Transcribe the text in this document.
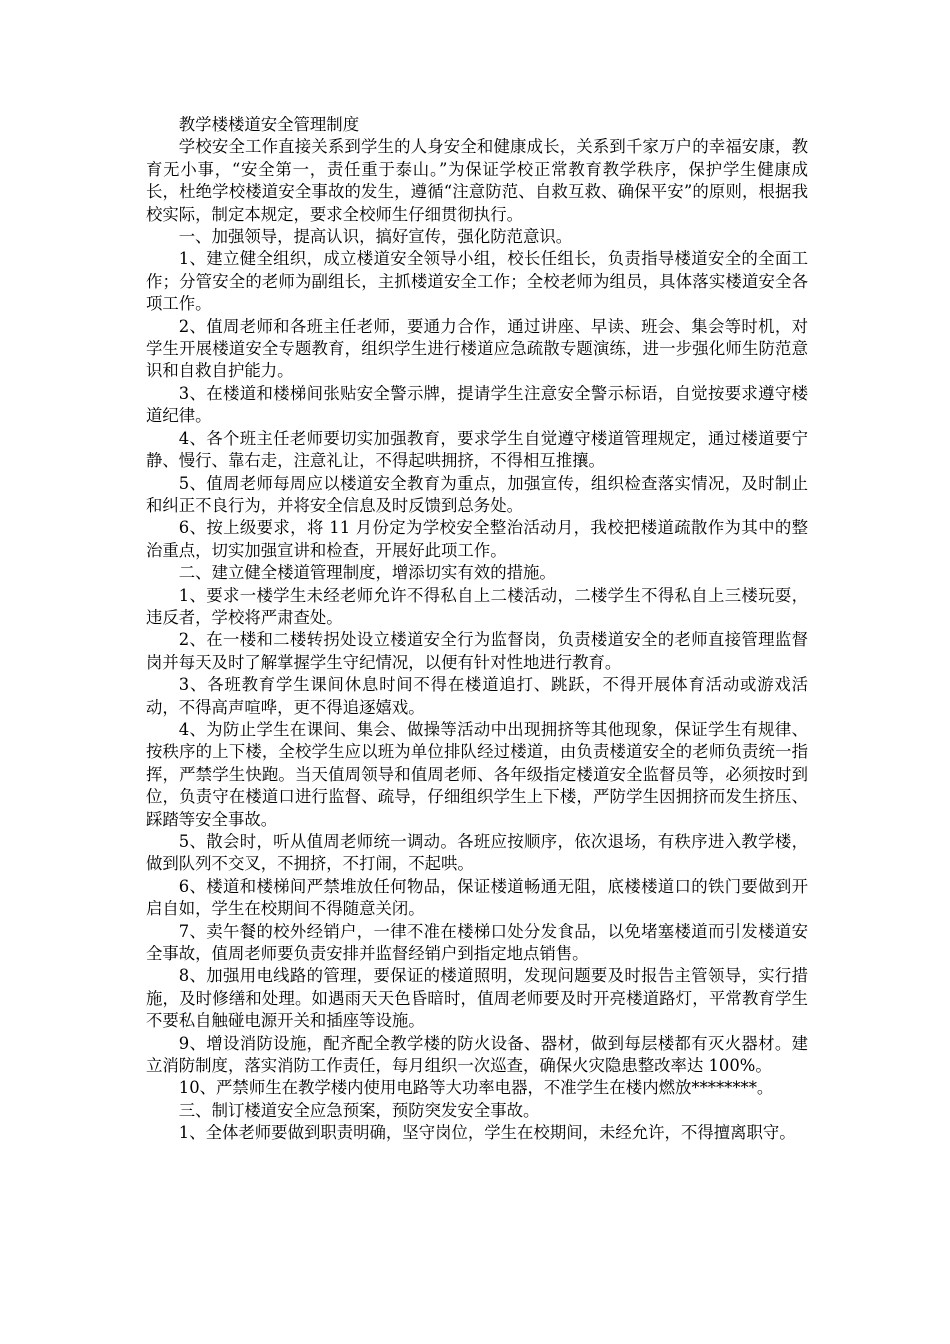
教学楼楼道安全管理制度

学校安全工作直接关系到学生的人身安全和健康成长，关系到千家万户的幸福安康，教育无小事，“安全第一，责任重于泰山。”为保证学校正常教育教学秩序，保护学生健康成长，杜绝学校楼道安全事故的发生，遵循“注意防范、自救互救、确保平安”的原则，根据我校实际，制定本规定，要求全校师生仔细贯彻执行。

一、加强领导，提高认识，搞好宣传，强化防范意识。

1、建立健全组织，成立楼道安全领导小组，校长任组长，负责指导楼道安全的全面工作；分管安全的老师为副组长，主抓楼道安全工作；全校老师为组员，具体落实楼道安全各项工作。

2、值周老师和各班主任老师，要通力合作，通过讲座、早读、班会、集会等时机，对学生开展楼道安全专题教育，组织学生进行楼道应急疏散专题演练，进一步强化师生防范意识和自救自护能力。

3、在楼道和楼梯间张贴安全警示牌，提请学生注意安全警示标语，自觉按要求遵守楼道纪律。

4、各个班主任老师要切实加强教育，要求学生自觉遵守楼道管理规定，通过楼道要宁静、慢行、靠右走，注意礼让，不得起哄拥挤，不得相互推攘。

5、值周老师每周应以楼道安全教育为重点，加强宣传，组织检查落实情况，及时制止和纠正不良行为，并将安全信息及时反馈到总务处。

6、按上级要求，将 11 月份定为学校安全整治活动月，我校把楼道疏散作为其中的整治重点，切实加强宣讲和检查，开展好此项工作。

二、建立健全楼道管理制度，增添切实有效的措施。

1、要求一楼学生未经老师允许不得私自上二楼活动，二楼学生不得私自上三楼玩耍，违反者，学校将严肃查处。

2、在一楼和二楼转拐处设立楼道安全行为监督岗，负责楼道安全的老师直接管理监督岗并每天及时了解掌握学生守纪情况，以便有针对性地进行教育。

3、各班教育学生课间休息时间不得在楼道追打、跳跃，不得开展体育活动或游戏活动，不得高声喧哗，更不得追逐嬉戏。

4、为防止学生在课间、集会、做操等活动中出现拥挤等其他现象，保证学生有规律、按秩序的上下楼，全校学生应以班为单位排队经过楼道，由负责楼道安全的老师负责统一指挥，严禁学生快跑。当天值周领导和值周老师、各年级指定楼道安全监督员等，必须按时到位，负责守在楼道口进行监督、疏导，仔细组织学生上下楼，严防学生因拥挤而发生挤压、踩踏等安全事故。

5、散会时，听从值周老师统一调动。各班应按顺序，依次退场，有秩序进入教学楼，做到队列不交叉，不拥挤，不打闹，不起哄。

6、楼道和楼梯间严禁堆放任何物品，保证楼道畅通无阻，底楼楼道口的铁门要做到开启自如，学生在校期间不得随意关闭。

7、卖午餐的校外经销户，一律不准在楼梯口处分发食品，以免堵塞楼道而引发楼道安全事故，值周老师要负责安排并监督经销户到指定地点销售。

8、加强用电线路的管理，要保证的楼道照明，发现问题要及时报告主管领导，实行措施，及时修缮和处理。如遇雨天天色昏暗时，值周老师要及时开亮楼道路灯，平常教育学生不要私自触碰电源开关和插座等设施。

9、增设消防设施，配齐配全教学楼的防火设备、器材，做到每层楼都有灭火器材。建立消防制度，落实消防工作责任，每月组织一次巡查，确保火灾隐患整改率达 100%。

10、严禁师生在教学楼内使用电路等大功率电器，不准学生在楼内燃放********。

三、制订楼道安全应急预案，预防突发安全事故。

1、全体老师要做到职责明确，坚守岗位，学生在校期间，未经允许，不得擅离职守。
